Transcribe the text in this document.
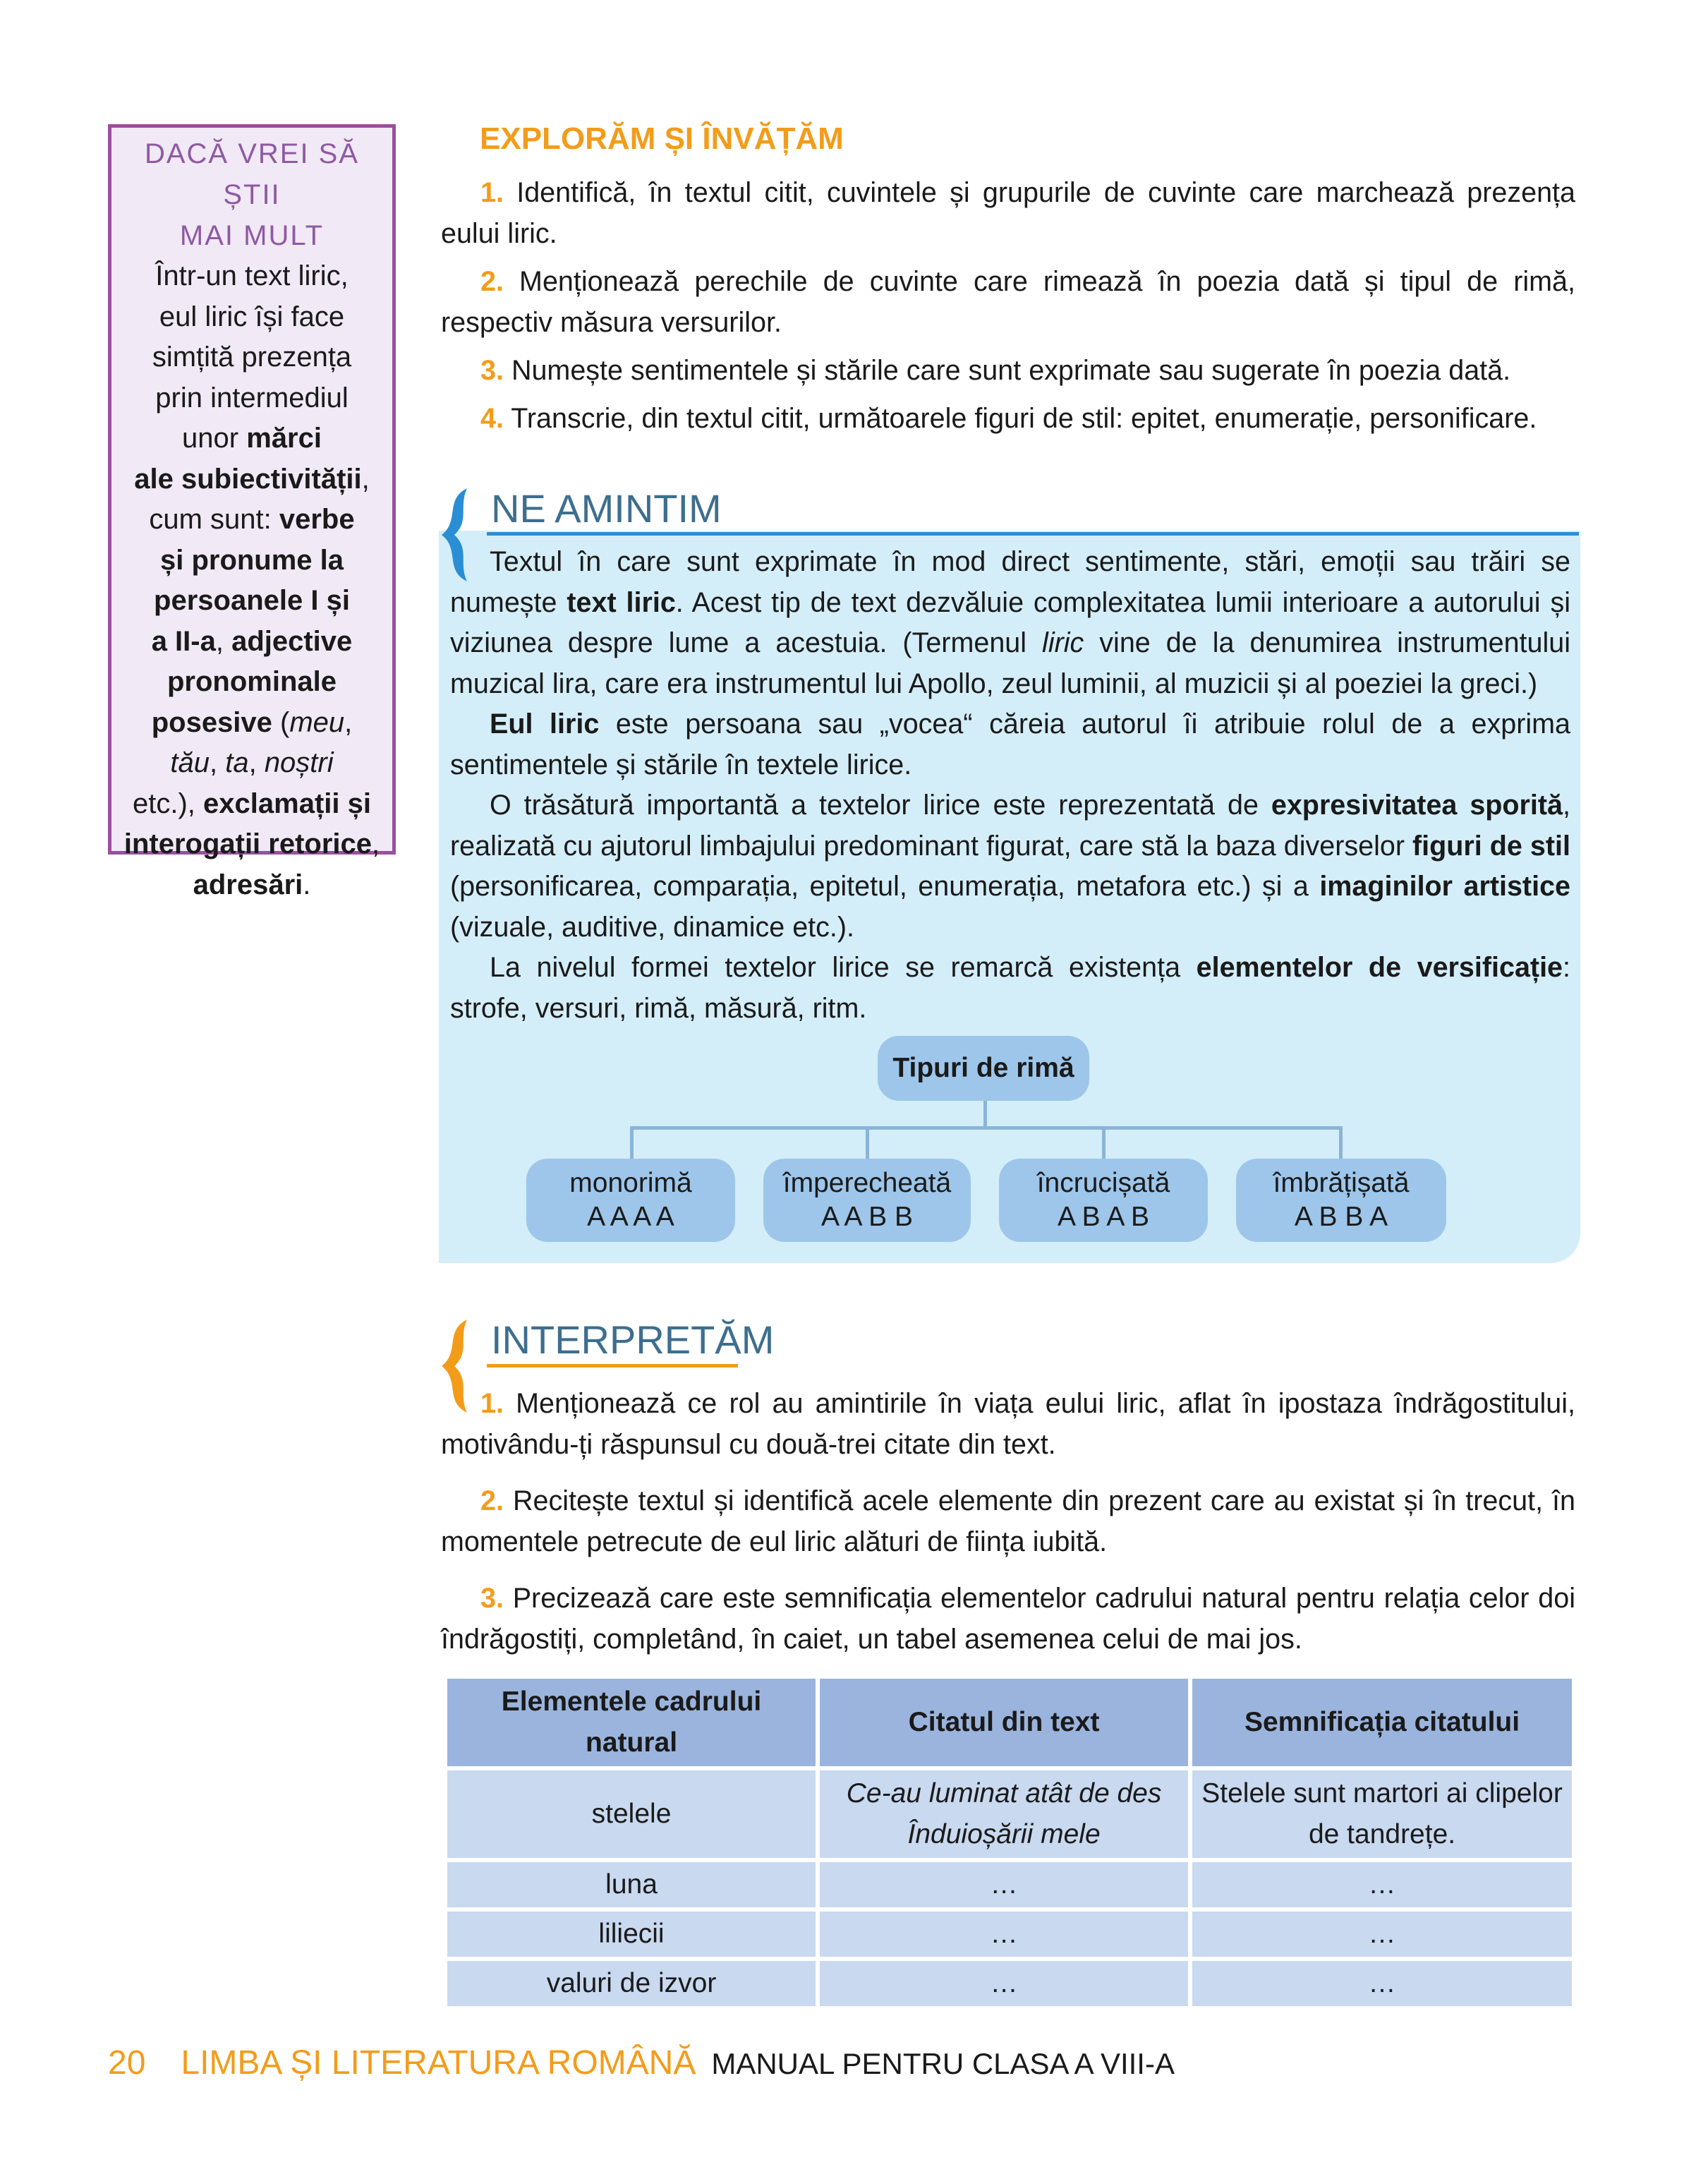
DACĂ VREI SĂ ȘTII
MAI MULT
Într-un text liric,
eul liric își face
simțită prezența
prin intermediul
unor mărci
ale subiectivității,
cum sunt: verbe
și pronume la
persoanele I și
a II-a, adjective
pronominale
posesive (meu,
tău, ta, noștri
etc.), exclamații și
interogații retorice,
adresări.
EXPLORĂM ȘI ÎNVĂȚĂM
1. Identifică, în textul citit, cuvintele și grupurile de cuvinte care marchează prezența eului liric.
2. Menționează perechile de cuvinte care rimează în poezia dată și tipul de rimă, respectiv măsura versurilor.
3. Numește sentimentele și stările care sunt exprimate sau sugerate în poezia dată.
4. Transcrie, din textul citit, următoarele figuri de stil: epitet, enumerație, personificare.
NE AMINTIM

Textul în care sunt exprimate în mod direct sentimente, stări, emoții sau trăiri se numește text liric. Acest tip de text dezvăluie complexitatea lumii interioare a autorului și viziunea despre lume a acestuia. (Termenul liric vine de la denumirea instrumentului muzical lira, care era instrumentul lui Apollo, zeul luminii, al muzicii și al poeziei la greci.)

Eul liric este persoana sau „vocea“ căreia autorul îi atribuie rolul de a exprima sentimentele și stările în textele lirice.

O trăsătură importantă a textelor lirice este reprezentată de expresivitatea sporită, realizată cu ajutorul limbajului predominant figurat, care stă la baza diverselor figuri de stil (personificarea, comparația, epitetul, enumerația, metafora etc.) și a imaginilor artistice (vizuale, auditive, dinamice etc.).

La nivelul formei textelor lirice se remarcă existența elementelor de versificație: strofe, versuri, rimă, măsură, ritm.

Tipuri de rimă
monorimă
A A A A
împerecheată
A A B B
încrucișată
A B A B
îmbrățișată
A B B A
INTERPRETĂM
1. Menționează ce rol au amintirile în viața eului liric, aflat în ipostaza îndrăgostitului, motivându-ți răspunsul cu două-trei citate din text.
2. Recitește textul și identifică acele elemente din prezent care au existat și în trecut, în momentele petrecute de eul liric alături de ființa iubită.
3. Precizează care este semnificația elementelor cadrului natural pentru relația celor doi îndrăgostiți, completând, în caiet, un tabel asemenea celui de mai jos.
Elementele cadrului natural	Citatul din text	Semnificația citatului
stelele	Ce-au luminat atât de des Înduioșării mele	Stelele sunt martori ai clipelor de tandrețe.
luna	…	…
liliecii	…	…
valuri de izvor	…	…
20 LIMBA ȘI LITERATURA ROMÂNĂ MANUAL PENTRU CLASA A VIII-A
